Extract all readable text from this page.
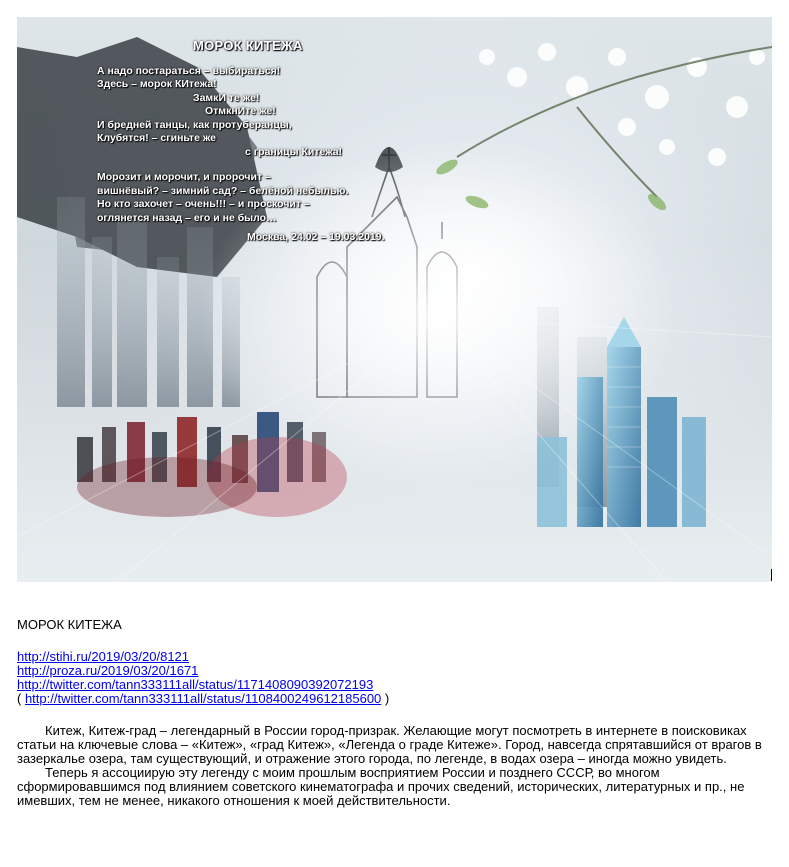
МОРОК КИТЕЖА
А надо постараться – выбираться!
Здесь – морок КИтежа!
ЗамкИ те же!
ОтмкнИте же!
И бредней танцы, как протуберанцы,
Клубятся! – сгиньте же
с границы Китежа!
Морозит и морочит, и пророчит –
вишнёвый? – зимний сад? – белёной небылью.
Но кто захочет – очень!!! – и проскочит –
оглянется назад – его и не было…
Москва, 24.02 – 19.03.2019.

МОРОК КИТЕЖА

http://stihi.ru/2019/03/20/8121
http://proza.ru/2019/03/20/1671
http://twitter.com/tann333111all/status/1171408090392072193
( http://twitter.com/tann333111all/status/1108400249612185600 )

Китеж, Китеж-град – легендарный в России город-призрак. Желающие могут посмотреть в интернете в поисковиках статьи на ключевые слова – «Китеж», «град Китеж», «Легенда о граде Китеже». Город, навсегда спрятавшийся от врагов в зазеркалье озера, там существующий, и отражение этого города, по легенде, в водах озера – иногда можно увидеть.

Теперь я ассоциирую эту легенду с моим прошлым восприятием России и позднего СССР, во многом сформировавшимся под влиянием советского кинематографа и прочих сведений, исторических, литературных и пр., не имевших, тем не менее, никакого отношения к моей действительности.
